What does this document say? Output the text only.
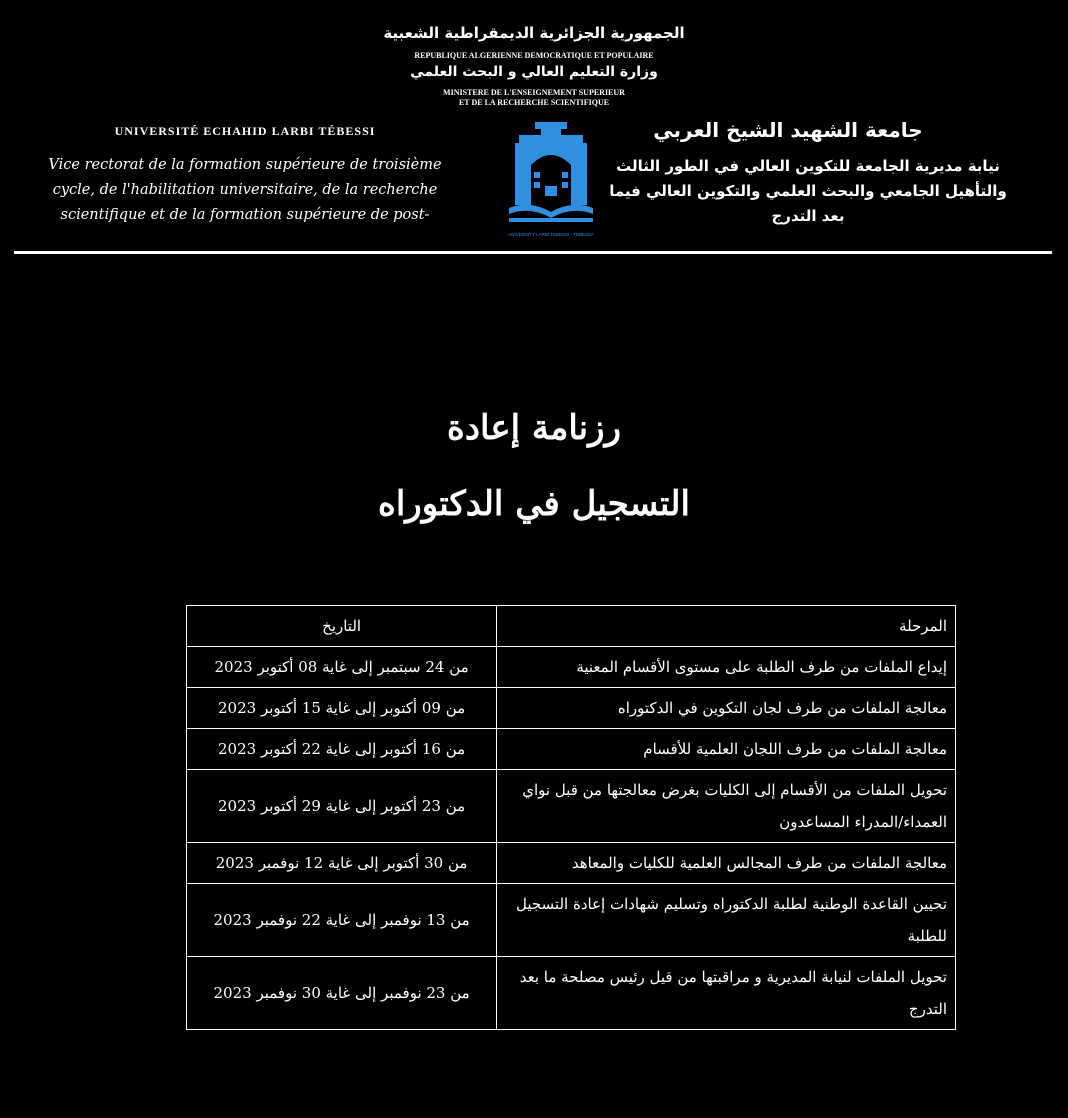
الجمهورية الجزائرية الديمقراطية الشعبية
REPUBLIQUE ALGERIENNE DEMOCRATIQUE ET POPULAIRE
وزارة التعليم العالي و البحث العلمي
MINISTERE DE L'ENSEIGNEMENT SUPERIEUR
ET DE LA RECHERCHE SCIENTIFIQUE
UNIVERSITÉ ECHAHID LARBI TÉBESSI
Vice rectorat de la formation supérieure de troisième cycle, de l'habilitation universitaire, de la recherche scientifique et de la formation supérieure de post-
UNIVERSITY LARBI TEBESSI - TEBESSA
جامعة الشهيد الشيخ العربي
نيابة مديرية الجامعة للتكوين العالي في الطور الثالث والتأهيل الجامعي والبحث العلمي والتكوين العالي فيما بعد التدرج
رزنامة إعادة
التسجيل في الدكتوراه
المرحلة	التاريخ
إيداع الملفات من طرف الطلبة على مستوى الأقسام المعنية	من 24 سبتمبر إلى غاية 08 أكتوبر 2023
معالجة الملفات من طرف لجان التكوين في الدكتوراه	من 09 أكتوبر إلى غاية 15 أكتوبر 2023
معالجة الملفات من طرف اللجان العلمية للأقسام	من 16 أكتوبر إلى غاية 22 أكتوبر 2023
تحويل الملفات من الأقسام إلى الكليات بغرض معالجتها من قبل نواي العمداء/المدراء المساعدون	من 23 أكتوبر إلى غاية 29 أكتوبر 2023
معالجة الملفات من طرف المجالس العلمية للكليات والمعاهد	من 30 أكتوبر إلى غاية 12 نوفمبر 2023
تحيين القاعدة الوطنية لطلبة الدكتوراه وتسليم شهادات إعادة التسجيل للطلبة	من 13 نوفمبر إلى غاية 22 نوفمبر 2023
تحويل الملفات لنيابة المديرية و مراقبتها من قيل رئيس مصلحة ما بعد التدرج	من 23 نوفمبر إلى غاية 30 نوفمبر 2023
